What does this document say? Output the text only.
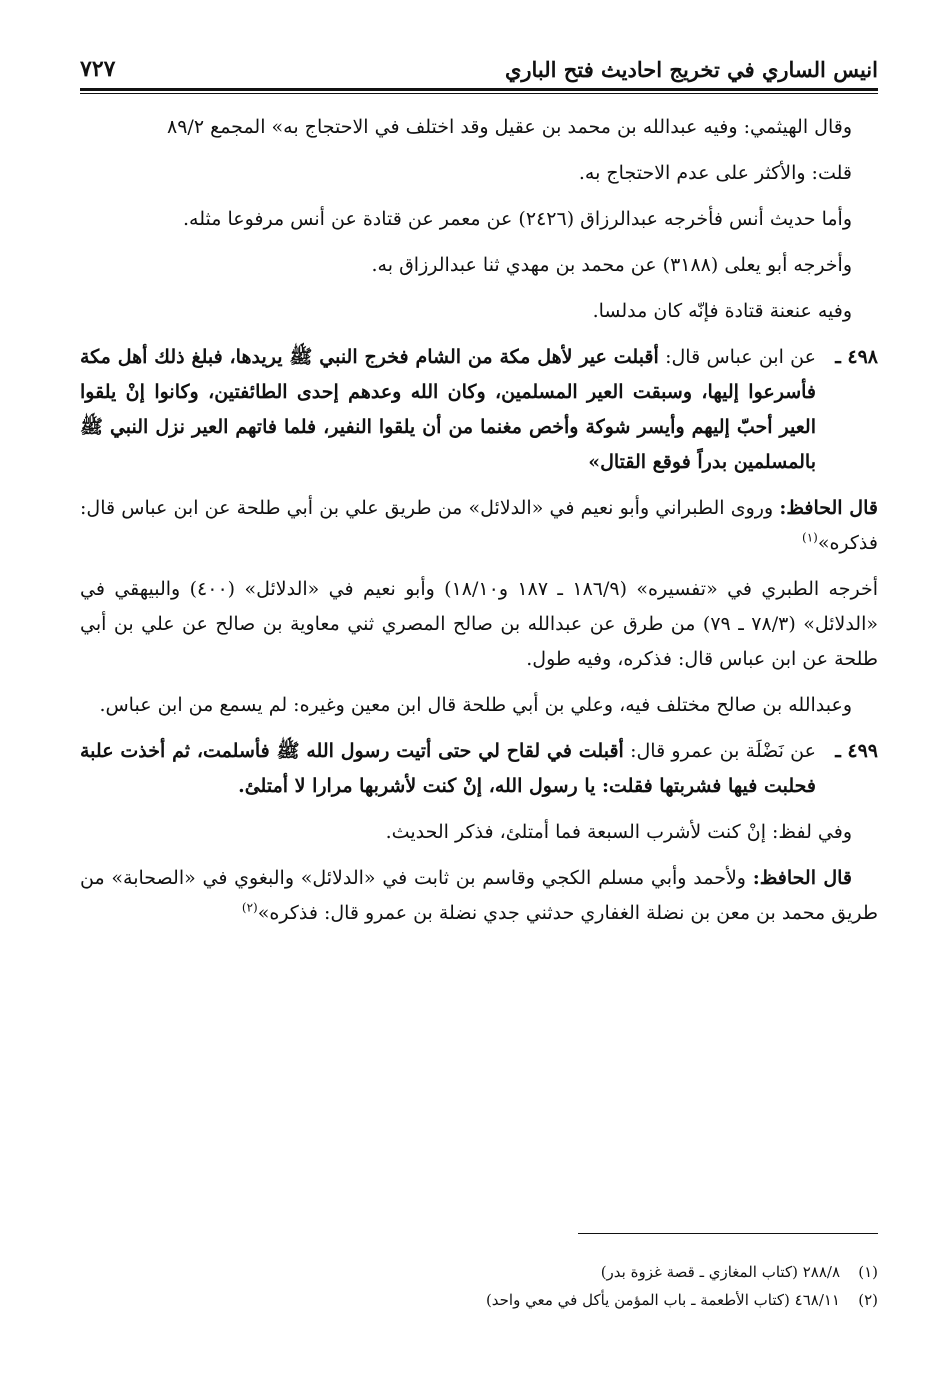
انيس الساري في تخريج احاديث فتح الباري
٧٢٧

وقال الهيثمي: وفيه عبدالله بن محمد بن عقيل وقد اختلف في الاحتجاج به» المجمع ٨٩/٢

قلت: والأكثر على عدم الاحتجاج به.

وأما حديث أنس فأخرجه عبدالرزاق (٢٤٢٦) عن معمر عن قتادة عن أنس مرفوعا مثله.

وأخرجه أبو يعلى (٣١٨٨) عن محمد بن مهدي ثنا عبدالرزاق به.

وفيه عنعنة قتادة فإنّه كان مدلسا.

٤٩٨ ـ
عن ابن عباس قال: أقبلت عير لأهل مكة من الشام فخرج النبي ﷺ يريدها، فبلغ ذلك أهل مكة فأسرعوا إليها، وسبقت العير المسلمين، وكان الله وعدهم إحدى الطائفتين، وكانوا إنْ يلقوا العير أحبّ إليهم وأيسر شوكة وأخص مغنما من أن يلقوا النفير، فلما فاتهم العير نزل النبي ﷺ بالمسلمين بدراً فوقع القتال»

قال الحافظ: وروى الطبراني وأبو نعيم في «الدلائل» من طريق علي بن أبي طلحة عن ابن عباس قال: فذكره»$^{(١)}$

أخرجه الطبري في «تفسيره» (١٨٦/٩ ـ ١٨٧ و١٨/١٠) وأبو نعيم في «الدلائل» (٤٠٠) والبيهقي في «الدلائل» (٧٨/٣ ـ ٧٩) من طرق عن عبدالله بن صالح المصري ثني معاوية بن صالح عن علي بن أبي طلحة عن ابن عباس قال: فذكره، وفيه طول.

وعبدالله بن صالح مختلف فيه، وعلي بن أبي طلحة قال ابن معين وغيره: لم يسمع من ابن عباس.

٤٩٩ ـ
عن نَضْلَة بن عمرو قال: أقبلت في لقاح لي حتى أتيت رسول الله ﷺ فأسلمت، ثم أخذت علبة فحلبت فيها فشربتها فقلت: يا رسول الله، إنْ كنت لأشربها مرارا لا أمتلئ.

وفي لفظ: إنْ كنت لأشرب السبعة فما أمتلئ، فذكر الحديث.

قال الحافظ: ولأحمد وأبي مسلم الكجي وقاسم بن ثابت في «الدلائل» والبغوي في «الصحابة» من طريق محمد بن معن بن نضلة الغفاري حدثني جدي نضلة بن عمرو قال: فذكره»$^{(٢)}$

(١)٢٨٨/٨ (كتاب المغازي ـ قصة غزوة بدر)
(٢)٤٦٨/١١ (كتاب الأطعمة ـ باب المؤمن يأكل في معي واحد)
